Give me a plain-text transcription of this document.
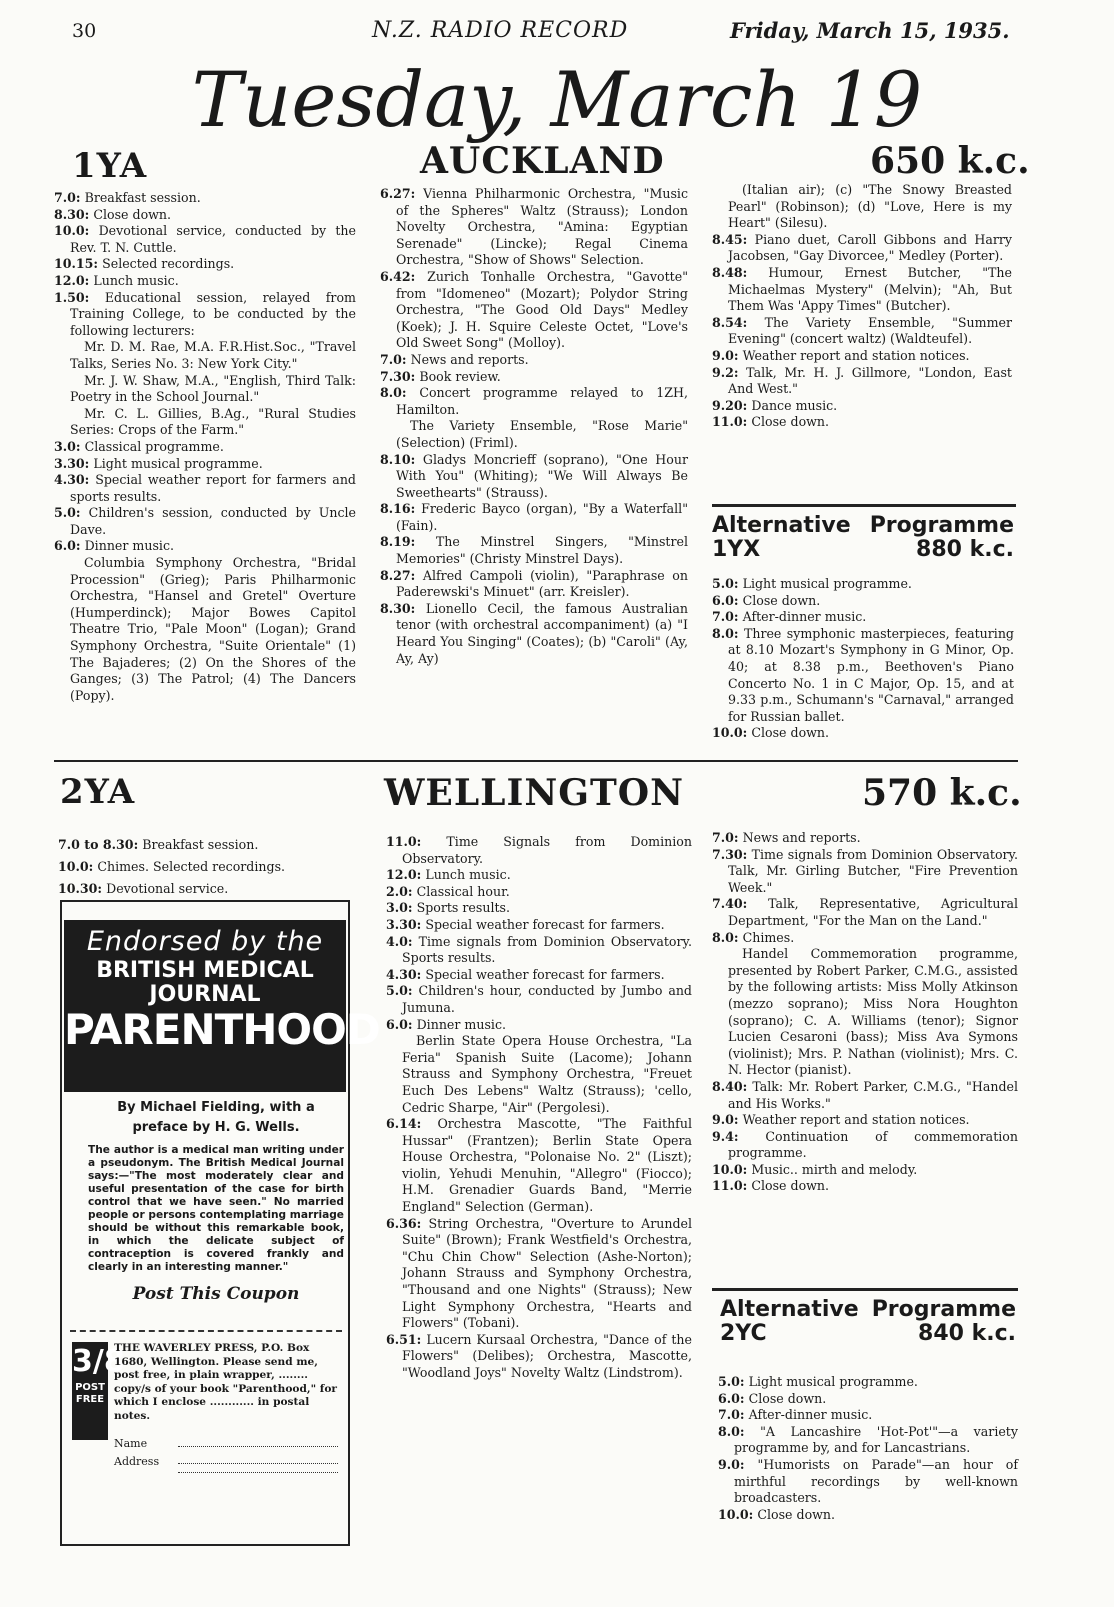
30	N.Z. RADIO RECORD	Friday, March 15, 1935.
Tuesday, March 19
1YA	AUCKLAND	650 k.c.

7.0: Breakfast session.

8.30: Close down.

10.0: Devotional service, conducted by the Rev. T. N. Cuttle.

10.15: Selected recordings.

12.0: Lunch music.

1.50: Educational session, relayed from Training College, to be conducted by the following lecturers:

Mr. D. M. Rae, M.A. F.R.Hist.Soc., "Travel Talks, Series No. 3: New York City."

Mr. J. W. Shaw, M.A., "English, Third Talk: Poetry in the School Journal."

Mr. C. L. Gillies, B.Ag., "Rural Studies Series: Crops of the Farm."

3.0: Classical programme.

3.30: Light musical programme.

4.30: Special weather report for farmers and sports results.

5.0: Children's session, conducted by Uncle Dave.

6.0: Dinner music.

Columbia Symphony Orchestra, "Bridal Procession" (Grieg); Paris Philharmonic Orchestra, "Hansel and Gretel" Overture (Humperdinck); Major Bowes Capitol Theatre Trio, "Pale Moon" (Logan); Grand Symphony Orchestra, "Suite Orientale" (1) The Bajaderes; (2) On the Shores of the Ganges; (3) The Patrol; (4) The Dancers (Popy).

6.27: Vienna Philharmonic Orchestra, "Music of the Spheres" Waltz (Strauss); London Novelty Orchestra, "Amina: Egyptian Serenade" (Lincke); Regal Cinema Orchestra, "Show of Shows" Selection.

6.42: Zurich Tonhalle Orchestra, "Gavotte" from "Idomeneo" (Mozart); Polydor String Orchestra, "The Good Old Days" Medley (Koek); J. H. Squire Celeste Octet, "Love's Old Sweet Song" (Molloy).

7.0: News and reports.

7.30: Book review.

8.0: Concert programme relayed to 1ZH, Hamilton.

The Variety Ensemble, "Rose Marie" (Selection) (Friml).

8.10: Gladys Moncrieff (soprano), "One Hour With You" (Whiting); "We Will Always Be Sweethearts" (Strauss).

8.16: Frederic Bayco (organ), "By a Waterfall" (Fain).

8.19: The Minstrel Singers, "Minstrel Memories" (Christy Minstrel Days).

8.27: Alfred Campoli (violin), "Paraphrase on Paderewski's Minuet" (arr. Kreisler).

8.30: Lionello Cecil, the famous Australian tenor (with orchestral accompaniment) (a) "I Heard You Singing" (Coates); (b) "Caroli" (Ay, Ay, Ay)

(Italian air); (c) "The Snowy Breasted Pearl" (Robinson); (d) "Love, Here is my Heart" (Silesu).

8.45: Piano duet, Caroll Gibbons and Harry Jacobsen, "Gay Divorcee," Medley (Porter).

8.48: Humour, Ernest Butcher, "The Michaelmas Mystery" (Melvin); "Ah, But Them Was 'Appy Times" (Butcher).

8.54: The Variety Ensemble, "Summer Evening" (concert waltz) (Waldteufel).

9.0: Weather report and station notices.

9.2: Talk, Mr. H. J. Gillmore, "London, East And West."

9.20: Dance music.

11.0: Close down.

Alternative Programme
1YX	880 k.c.

5.0: Light musical programme.

6.0: Close down.

7.0: After-dinner music.

8.0: Three symphonic masterpieces, featuring at 8.10 Mozart's Symphony in G Minor, Op. 40; at 8.38 p.m., Beethoven's Piano Concerto No. 1 in C Major, Op. 15, and at 9.33 p.m., Schumann's "Carnaval," arranged for Russian ballet.

10.0: Close down.

2YA	WELLINGTON	570 k.c.

7.0 to 8.30: Breakfast session.

10.0: Chimes. Selected recordings.

10.30: Devotional service.

11.0: Time Signals from Dominion Observatory.

12.0: Lunch music.

2.0: Classical hour.

3.0: Sports results.

3.30: Special weather forecast for farmers.

4.0: Time signals from Dominion Observatory. Sports results.

4.30: Special weather forecast for farmers.

5.0: Children's hour, conducted by Jumbo and Jumuna.

6.0: Dinner music.

Berlin State Opera House Orchestra, "La Feria" Spanish Suite (Lacome); Johann Strauss and Symphony Orchestra, "Freuet Euch Des Lebens" Waltz (Strauss); 'cello, Cedric Sharpe, "Air" (Pergolesi).

6.14: Orchestra Mascotte, "The Faithful Hussar" (Frantzen); Berlin State Opera House Orchestra, "Polonaise No. 2" (Liszt); violin, Yehudi Menuhin, "Allegro" (Fiocco); H.M. Grenadier Guards Band, "Merrie England" Selection (German).

6.36: String Orchestra, "Overture to Arundel Suite" (Brown); Frank Westfield's Orchestra, "Chu Chin Chow" Selection (Ashe-Norton); Johann Strauss and Symphony Orchestra, "Thousand and one Nights" (Strauss); New Light Symphony Orchestra, "Hearts and Flowers" (Tobani).

6.51: Lucern Kursaal Orchestra, "Dance of the Flowers" (Delibes); Orchestra, Mascotte, "Woodland Joys" Novelty Waltz (Lindstrom).

7.0: News and reports.

7.30: Time signals from Dominion Observatory. Talk, Mr. Girling Butcher, "Fire Prevention Week."

7.40: Talk, Representative, Agricultural Department, "For the Man on the Land."

8.0: Chimes.

Handel Commemoration programme, presented by Robert Parker, C.M.G., assisted by the following artists: Miss Molly Atkinson (mezzo soprano); Miss Nora Houghton (soprano); C. A. Williams (tenor); Signor Lucien Cesaroni (bass); Miss Ava Symons (violinist); Mrs. P. Nathan (violinist); Mrs. C. N. Hector (pianist).

8.40: Talk: Mr. Robert Parker, C.M.G., "Handel and His Works."

9.0: Weather report and station notices.

9.4: Continuation of commemoration programme.

10.0: Music.. mirth and melody.

11.0: Close down.

Alternative Programme
2YC	840 k.c.

5.0: Light musical programme.

6.0: Close down.

7.0: After-dinner music.

8.0: "A Lancashire 'Hot-Pot'"—a variety programme by, and for Lancastrians.

9.0: "Humorists on Parade"—an hour of mirthful recordings by well-known broadcasters.

10.0: Close down.

Endorsed by the
BRITISH MEDICAL JOURNAL
PARENTHOOD
By Michael Fielding, with a
preface by H. G. Wells.
The author is a medical man writing under a pseudonym. The British Medical Journal says:—"The most moderately clear and useful presentation of the case for birth control that we have seen." No married people or persons contemplating marriage should be without this remarkable book, in which the delicate subject of contraception is covered frankly and clearly in an interesting manner."
Post This Coupon
3/8
POST FREE
THE WAVERLEY PRESS, P.O. Box 1680, Wellington. Please send me, post free, in plain wrapper, ........ copy/s of your book "Parenthood," for which I enclose ............ in postal notes.
Name
Address
